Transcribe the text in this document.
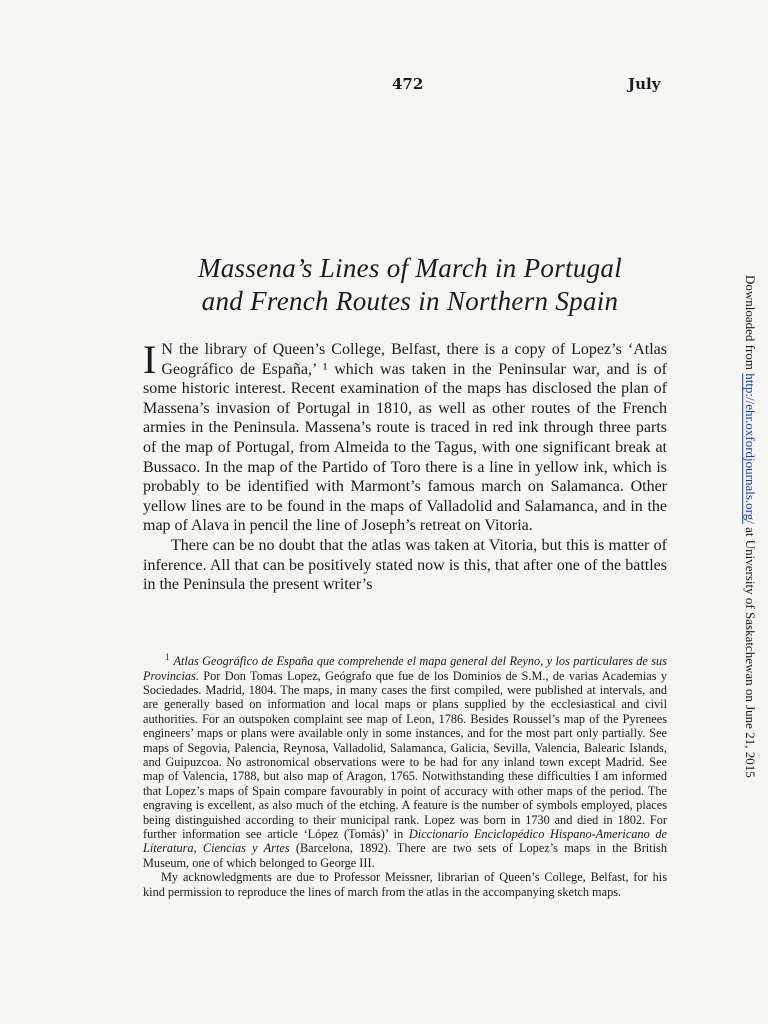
472	July
Massena’s Lines of March in Portugal
and French Routes in Northern Spain

I N the library of Queen’s College, Belfast, there is a copy of Lopez’s ‘Atlas Geográfico de España,’ ¹ which was taken in the Peninsular war, and is of some historic interest. Recent examination of the maps has disclosed the plan of Massena’s invasion of Portugal in 1810, as well as other routes of the French armies in the Peninsula. Massena’s route is traced in red ink through three parts of the map of Portugal, from Almeida to the Tagus, with one significant break at Bussaco. In the map of the Partido of Toro there is a line in yellow ink, which is probably to be identified with Marmont’s famous march on Salamanca. Other yellow lines are to be found in the maps of Valladolid and Salamanca, and in the map of Alava in pencil the line of Joseph’s retreat on Vitoria.

There can be no doubt that the atlas was taken at Vitoria, but this is matter of inference. All that can be positively stated now is this, that after one of the battles in the Peninsula the present writer’s

$^1$ Atlas Geográfico de España que comprehende el mapa general del Reyno, y los particulares de sus Provincias. Por Don Tomas Lopez, Geógrafo que fue de los Dominios de S.M., de varias Academias y Sociedades. Madrid, 1804. The maps, in many cases the first compiled, were published at intervals, and are generally based on information and local maps or plans supplied by the ecclesiastical and civil authorities. For an outspoken complaint see map of Leon, 1786. Besides Roussel’s map of the Pyrenees engineers’ maps or plans were available only in some instances, and for the most part only partially. See maps of Segovia, Palencia, Reynosa, Valladolid, Salamanca, Galicia, Sevilla, Valencia, Balearic Islands, and Guipuzcoa. No astronomical observations were to be had for any inland town except Madrid. See map of Valencia, 1788, but also map of Aragon, 1765. Notwithstanding these difficulties I am informed that Lopez’s maps of Spain compare favourably in point of accuracy with other maps of the period. The engraving is excellent, as also much of the etching. A feature is the number of symbols employed, places being distinguished according to their municipal rank. Lopez was born in 1730 and died in 1802. For further information see article ‘López (Tomás)’ in Diccionario Enciclopédico Hispano-Americano de Literatura, Ciencias y Artes (Barcelona, 1892). There are two sets of Lopez’s maps in the British Museum, one of which belonged to George III.

My acknowledgments are due to Professor Meissner, librarian of Queen’s College, Belfast, for his kind permission to reproduce the lines of march from the atlas in the accompanying sketch maps.

Downloaded from http://ehr.oxfordjournals.org/ at University of Saskatchewan on June 21, 2015
